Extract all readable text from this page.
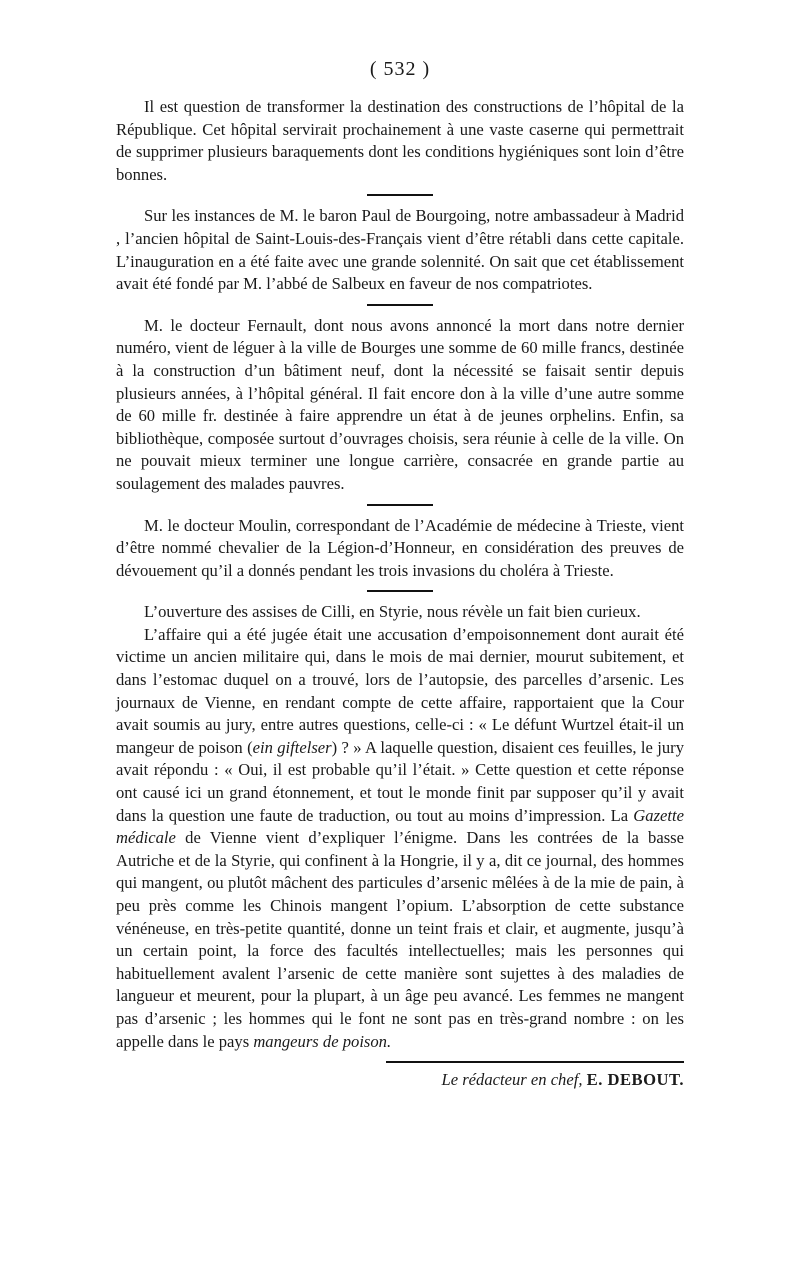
( 532 )

Il est question de transformer la destination des constructions de l’hôpital de la République. Cet hôpital servirait prochainement à une vaste caserne qui permettrait de supprimer plusieurs baraquements dont les conditions hygiéniques sont loin d’être bonnes.

Sur les instances de M. le baron Paul de Bourgoing, notre ambassadeur à Madrid , l’ancien hôpital de Saint-Louis-des-Français vient d’être rétabli dans cette capitale. L’inauguration en a été faite avec une grande solennité. On sait que cet établissement avait été fondé par M. l’abbé de Salbeux en faveur de nos compatriotes.

M. le docteur Fernault, dont nous avons annoncé la mort dans notre dernier numéro, vient de léguer à la ville de Bourges une somme de 60 mille francs, destinée à la construction d’un bâtiment neuf, dont la nécessité se faisait sentir depuis plusieurs années, à l’hôpital général. Il fait encore don à la ville d’une autre somme de 60 mille fr. destinée à faire apprendre un état à de jeunes orphelins. Enfin, sa bibliothèque, composée surtout d’ouvrages choisis, sera réunie à celle de la ville. On ne pouvait mieux terminer une longue carrière, consacrée en grande partie au soulagement des malades pauvres.

M. le docteur Moulin, correspondant de l’Académie de médecine à Trieste, vient d’être nommé chevalier de la Légion-d’Honneur, en considération des preuves de dévouement qu’il a donnés pendant les trois invasions du choléra à Trieste.

L’ouverture des assises de Cilli, en Styrie, nous révèle un fait bien curieux.

L’affaire qui a été jugée était une accusation d’empoisonnement dont aurait été victime un ancien militaire qui, dans le mois de mai dernier, mourut subitement, et dans l’estomac duquel on a trouvé, lors de l’autopsie, des parcelles d’arsenic. Les journaux de Vienne, en rendant compte de cette affaire, rapportaient que la Cour avait soumis au jury, entre autres questions, celle-ci : « Le défunt Wurtzel était-il un mangeur de poison (ein giftelser) ? » A laquelle question, disaient ces feuilles, le jury avait répondu : « Oui, il est probable qu’il l’était. » Cette question et cette réponse ont causé ici un grand étonnement, et tout le monde finit par supposer qu’il y avait dans la question une faute de traduction, ou tout au moins d’impression. La Gazette médicale de Vienne vient d’expliquer l’énigme. Dans les contrées de la basse Autriche et de la Styrie, qui confinent à la Hongrie, il y a, dit ce journal, des hommes qui mangent, ou plutôt mâchent des particules d’arsenic mêlées à de la mie de pain, à peu près comme les Chinois mangent l’opium. L’absorption de cette substance vénéneuse, en très-petite quantité, donne un teint frais et clair, et augmente, jusqu’à un certain point, la force des facultés intellectuelles; mais les personnes qui habituellement avalent l’arsenic de cette manière sont sujettes à des maladies de langueur et meurent, pour la plupart, à un âge peu avancé. Les femmes ne mangent pas d’arsenic ; les hommes qui le font ne sont pas en très-grand nombre : on les appelle dans le pays mangeurs de poison.

Le rédacteur en chef, E. DEBOUT.
